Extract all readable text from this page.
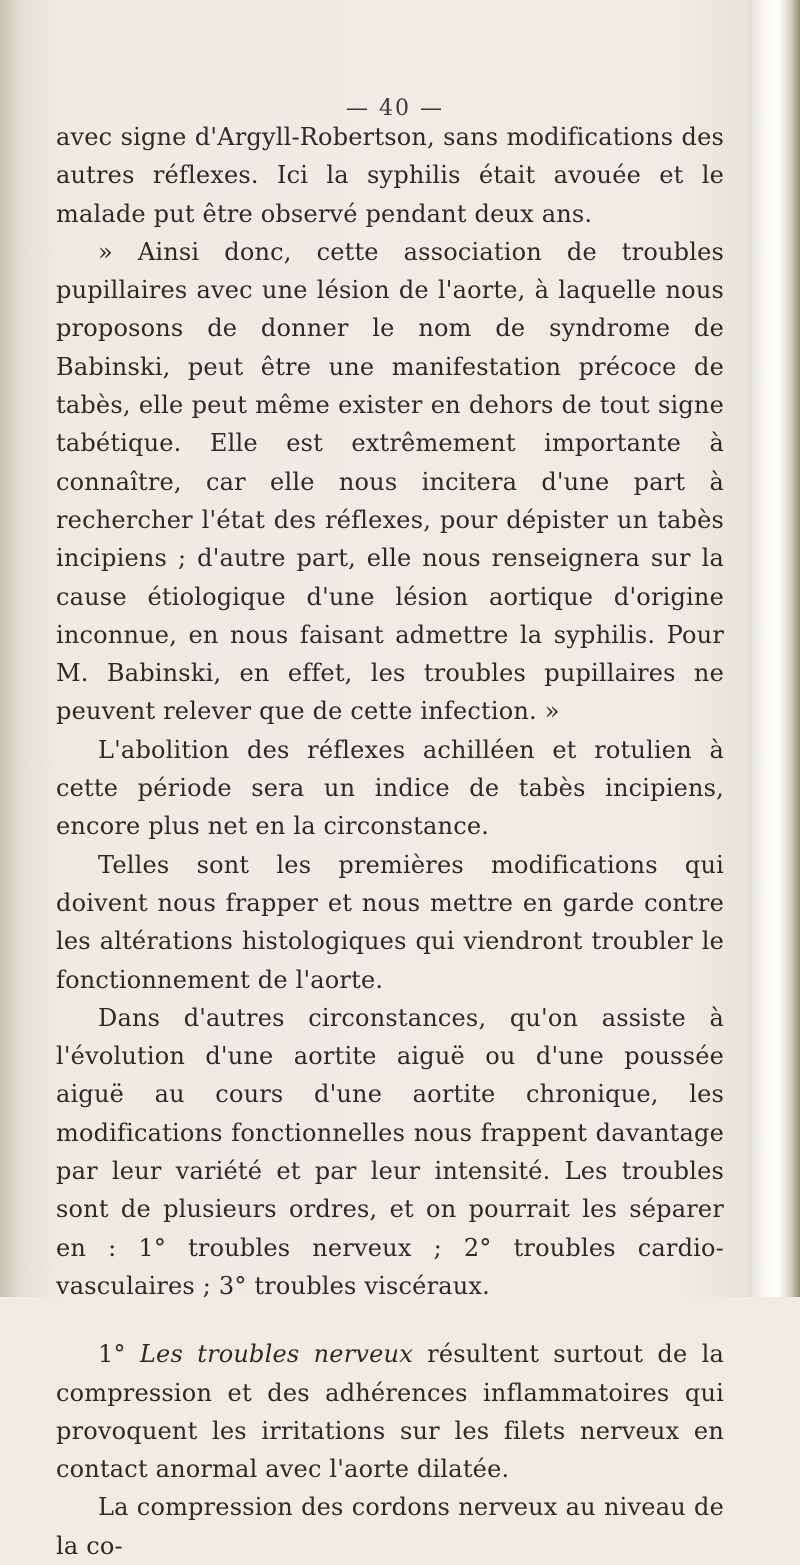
— 40 —

avec signe d'Argyll-Robertson, sans modifications des autres réflexes. Ici la syphilis était avouée et le malade put être observé pendant deux ans.

» Ainsi donc, cette association de troubles pupillaires avec une lésion de l'aorte, à laquelle nous proposons de donner le nom de syndrome de Babinski, peut être une manifestation précoce de tabès, elle peut même exister en dehors de tout signe tabétique. Elle est extrêmement importante à connaître, car elle nous incitera d'une part à rechercher l'état des réflexes, pour dépister un tabès incipiens ; d'autre part, elle nous renseignera sur la cause étiologique d'une lésion aortique d'origine inconnue, en nous faisant admettre la syphilis. Pour M. Babinski, en effet, les troubles pupillaires ne peuvent relever que de cette infection. »

L'abolition des réflexes achilléen et rotulien à cette période sera un indice de tabès incipiens, encore plus net en la circonstance.

Telles sont les premières modifications qui doivent nous frapper et nous mettre en garde contre les altérations histologiques qui viendront troubler le fonctionnement de l'aorte.

Dans d'autres circonstances, qu'on assiste à l'évolution d'une aortite aiguë ou d'une poussée aiguë au cours d'une aortite chronique, les modifications fonctionnelles nous frappent davantage par leur variété et par leur intensité. Les troubles sont de plusieurs ordres, et on pourrait les séparer en : 1° troubles nerveux ; 2° troubles cardio-vasculaires ; 3° troubles viscéraux.

1° Les troubles nerveux résultent surtout de la compression et des adhérences inflammatoires qui provoquent les irritations sur les filets nerveux en contact anormal avec l'aorte dilatée.

La compression des cordons nerveux au niveau de la co-
